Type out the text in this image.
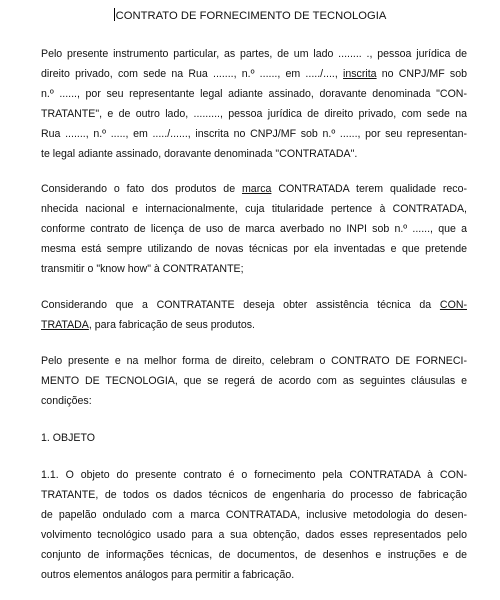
CONTRATO DE FORNECIMENTO DE TECNOLOGIA
Pelo presente instrumento particular, as partes, de um lado ........ ., pessoa jurídica de
direito privado, com sede na Rua ......., n.º ......, em ...../...., inscrita no CNPJ/MF sob
n.º ......, por seu representante legal adiante assinado, doravante denominada "CON-
TRATANTE", e de outro lado, ........., pessoa jurídica de direito privado, com sede na
Rua ......., n.º ....., em ...../......, inscrita no CNPJ/MF sob n.º ......, por seu representan-
te legal adiante assinado, doravante denominada "CONTRATADA".
Considerando o fato dos produtos de marca CONTRATADA terem qualidade reco-
nhecida nacional e internacionalmente, cuja titularidade pertence à CONTRATADA,
conforme contrato de licença de uso de marca averbado no INPI sob n.º ......, que a
mesma está sempre utilizando de novas técnicas por ela inventadas e que pretende
transmitir o "know how" à CONTRATANTE;
Considerando que a CONTRATANTE deseja obter assistência técnica da CON-
TRATADA, para fabricação de seus produtos.
Pelo presente e na melhor forma de direito, celebram o CONTRATO DE FORNECI-
MENTO DE TECNOLOGIA, que se regerá de acordo com as seguintes cláusulas e
condições:
1. OBJETO
1.1. O objeto do presente contrato é o fornecimento pela CONTRATADA à CON-
TRATANTE, de todos os dados técnicos de engenharia do processo de fabricação
de papelão ondulado com a marca CONTRATADA, inclusive metodologia do desen-
volvimento tecnológico usado para a sua obtenção, dados esses representados pelo
conjunto de informações técnicas, de documentos, de desenhos e instruções e de
outros elementos análogos para permitir a fabricação.
